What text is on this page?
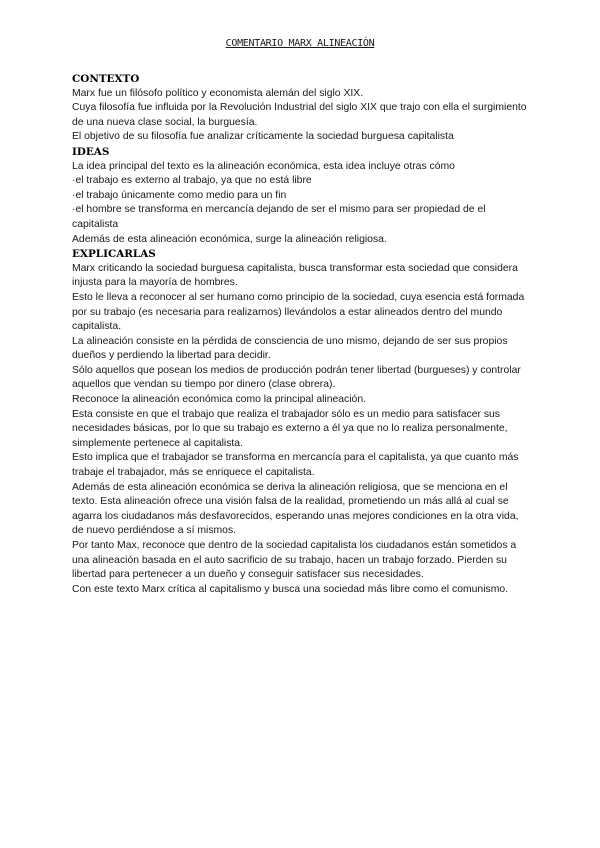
COMENTARIO MARX ALINEACIÓN

CONTEXTO

Marx fue un filósofo político y economista alemán del siglo XIX.

Cuya filosofía fue influida por la Revolución Industrial del siglo XIX que trajo con ella el surgimiento de una nueva clase social, la burguesía.

El objetivo de su filosofía fue analizar críticamente la sociedad burguesa capitalista

IDEAS

La idea principal del texto es la alineación económica, esta idea incluye otras cómo

·el trabajo es externo al trabajo, ya que no está libre

·el trabajo únicamente como medio para un fin

·el hombre se transforma en mercancía dejando de ser el mismo para ser propiedad de el capitalista

Además de esta alineación económica, surge la alineación religiosa.

EXPLICARLAS

Marx criticando la sociedad burguesa capitalista, busca transformar esta sociedad que considera injusta para la mayoría de hombres.

Esto le lleva a reconocer al ser humano como principio de la sociedad, cuya esencia está formada por su trabajo (es necesaria para realizarnos) llevándolos a estar alineados dentro del mundo capitalista.

La alineación consiste en la pérdida de consciencia de uno mismo, dejando de ser sus propios dueños y perdiendo la libertad para decidir.

Sólo aquellos que posean los medios de producción podrán tener libertad (burgueses) y controlar aquellos que vendan su tiempo por dinero (clase obrera).

Reconoce la alineación económica como la principal alineación.

Esta consiste en que el trabajo que realiza el trabajador sólo es un medio para satisfacer sus necesidades básicas, por lo que su trabajo es externo a él ya que no lo realiza personalmente, simplemente pertenece al capitalista.

Esto implica que el trabajador se transforma en mercancía para el capitalista, ya que cuanto más trabaje el trabajador, más se enriquece el capitalista.

Además de esta alineación económica se deriva la alineación religiosa, que se menciona en el texto. Esta alineación ofrece una visión falsa de la realidad, prometiendo un más allá al cual se agarra los ciudadanos más desfavorecidos, esperando unas mejores condiciones en la otra vida, de nuevo perdiéndose a sí mismos.

Por tanto Max, reconoce que dentro de la sociedad capitalista los ciudadanos están sometidos a una alineación basada en el auto sacrificio de su trabajo, hacen un trabajo forzado. Pierden su libertad para pertenecer a un dueño y conseguir satisfacer sus necesidades.

Con este texto Marx crítica al capitalismo y busca una sociedad más libre como el comunismo.
